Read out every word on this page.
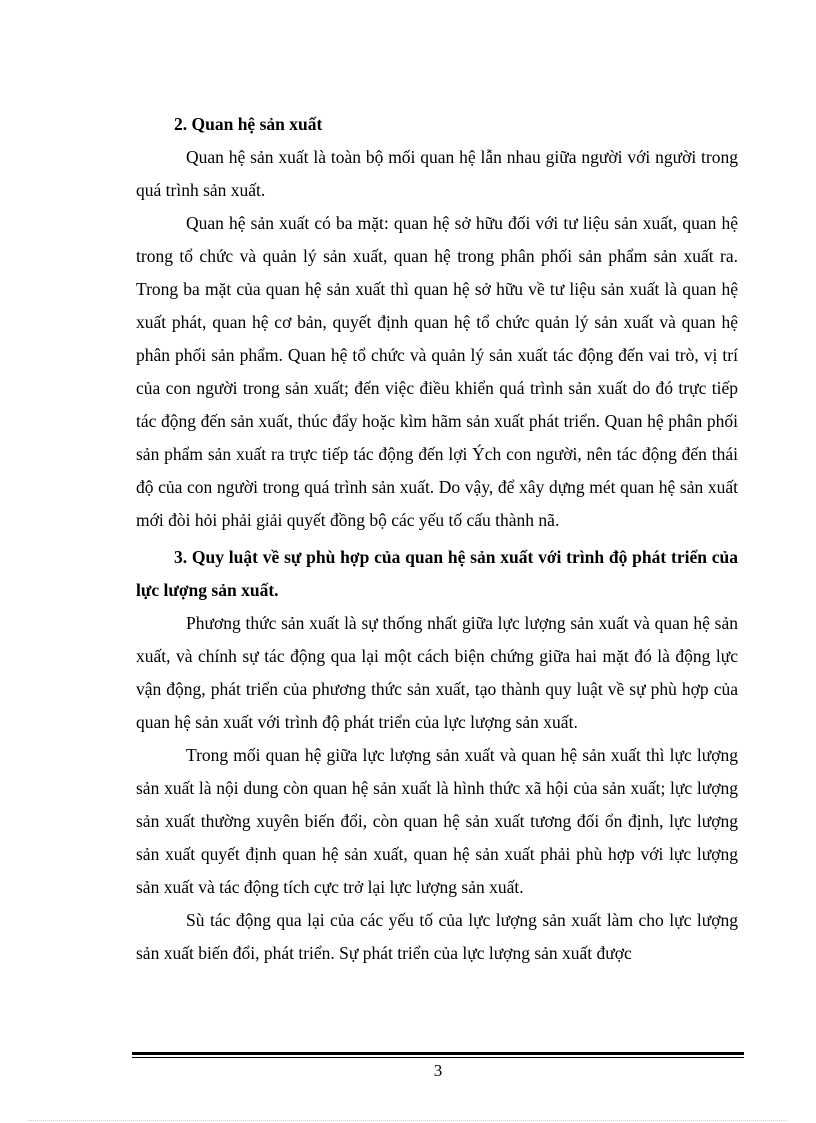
2. Quan hệ sản xuất

Quan hệ sản xuất là toàn bộ mối quan hệ lẫn nhau giữa người với người trong quá trình sản xuất.

Quan hệ sản xuất có ba mặt: quan hệ sở hữu đối với tư liệu sản xuất, quan hệ trong tổ chức và quản lý sản xuất, quan hệ trong phân phối sản phẩm sản xuất ra. Trong ba mặt của quan hệ sản xuất thì quan hệ sở hữu về tư liệu sản xuất là quan hệ xuất phát, quan hệ cơ bản, quyết định quan hệ tổ chức quản lý sản xuất và quan hệ phân phối sản phẩm. Quan hệ tổ chức và quản lý sản xuất tác động đến vai trò, vị trí của con người trong sản xuất; đến việc điều khiển quá trình sản xuất do đó trực tiếp tác động đến sản xuất, thúc đẩy hoặc kìm hãm sản xuất phát triển. Quan hệ phân phối sản phẩm sản xuất ra trực tiếp tác động đến lợi Ých con người, nên tác động đến thái độ của con người trong quá trình sản xuất. Do vậy, để xây dựng mét quan hệ sản xuất mới đòi hỏi phải giải quyết đồng bộ các yếu tố cấu thành nã.

3. Quy luật về sự phù hợp của quan hệ sản xuất với trình độ phát triển của lực lượng sản xuất.

Phương thức sản xuất là sự thống nhất giữa lực lượng sản xuất và quan hệ sản xuất, và chính sự tác động qua lại một cách biện chứng giữa hai mặt đó là động lực vận động, phát triển của phương thức sản xuất, tạo thành quy luật về sự phù hợp của quan hệ sản xuất với trình độ phát triển của lực lượng sản xuất.

Trong mối quan hệ giữa lực lượng sản xuất và quan hệ sản xuất thì lực lượng sản xuất là nội dung còn quan hệ sản xuất là hình thức xã hội của sản xuất; lực lượng sản xuất thường xuyên biến đổi, còn quan hệ sản xuất tương đối ổn định, lực lượng sản xuất quyết định quan hệ sản xuất, quan hệ sản xuất phải phù hợp với lực lượng sản xuất và tác động tích cực trở lại lực lượng sản xuất.

Sù tác động qua lại của các yếu tố của lực lượng sản xuất làm cho lực lượng sản xuất biến đổi, phát triển. Sự phát triển của lực lượng sản xuất được

3
